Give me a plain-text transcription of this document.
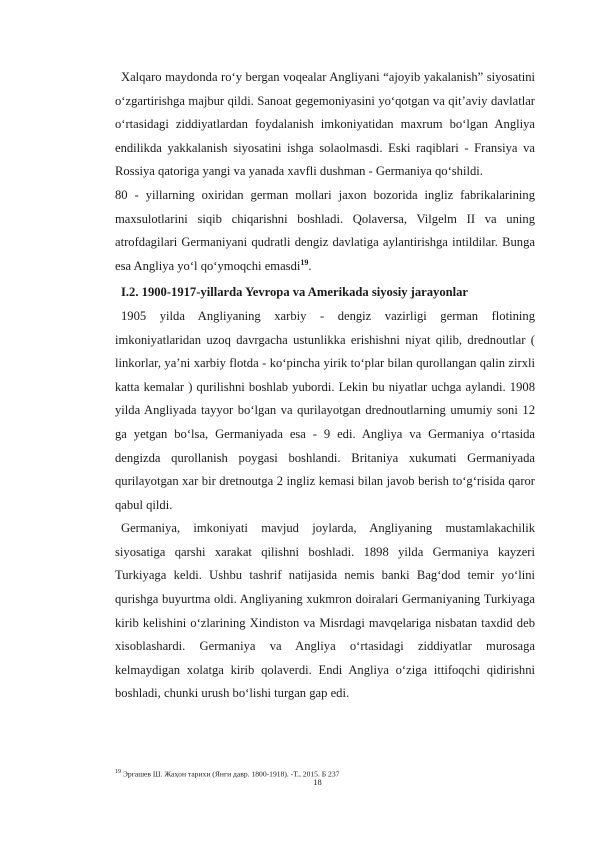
Xalqaro maydonda ro‘y bergan voqealar Angliyani “ajoyib yakalanish” siyosatini o‘zgartirishga majbur qildi. Sanoat gegemoniyasini yo‘qotgan va qit’aviy davlatlar o‘rtasidagi ziddiyatlardan foydalanish imkoniyatidan maxrum bo‘lgan Angliya endilikda yakkalanish siyosatini ishga solaolmasdi. Eski raqiblari - Fransiya va Rossiya qatoriga yangi va yanada xavfli dushman - Germaniya qo‘shildi.

80 - yillarning oxiridan german mollari jaxon bozorida ingliz fabrikalarining maxsulotlarini siqib chiqarishni boshladi. Qolaversa, Vilgelm II va uning atrofdagilari Germaniyani qudratli dengiz davlatiga aylantirishga intildilar. Bunga esa Angliya yo‘l qo‘ymoqchi emasdi$^{19}$.

I.2. 1900-1917-yillarda Yevropa va Amerikada siyosiy jarayonlar

1905 yilda Angliyaning xarbiy - dengiz vazirligi german flotining imkoniyatlaridan uzoq davrgacha ustunlikka erishishni niyat qilib, drednoutlar ( linkorlar, ya’ni xarbiy flotda - ko‘pincha yirik to‘plar bilan qurollangan qalin zirxli katta kemalar ) qurilishni boshlab yubordi. Lekin bu niyatlar uchga aylandi. 1908 yilda Angliyada tayyor bo‘lgan va qurilayotgan drednoutlarning umumiy soni 12 ga yetgan bo‘lsa, Germaniyada esa - 9 edi. Angliya va Germaniya o‘rtasida dengizda qurollanish poygasi boshlandi. Britaniya xukumati Germaniyada qurilayotgan xar bir dretnoutga 2 ingliz kemasi bilan javob berish to‘g‘risida qaror qabul qildi.

Germaniya, imkoniyati mavjud joylarda, Angliyaning mustamlakachilik siyosatiga qarshi xarakat qilishni boshladi. 1898 yilda Germaniya kayzeri Turkiyaga keldi. Ushbu tashrif natijasida nemis banki Bag‘dod temir yo‘lini qurishga buyurtma oldi. Angliyaning xukmron doiralari Germaniyaning Turkiyaga kirib kelishini o‘zlarining Xindiston va Misrdagi mavqelariga nisbatan taxdid deb xisoblashardi. Germaniya va Angliya o‘rtasidagi ziddiyatlar murosaga kelmaydigan xolatga kirib qolaverdi. Endi Angliya o‘ziga ittifoqchi qidirishni boshladi, chunki urush bo‘lishi turgan gap edi.

$^{19}$ Эргашев Ш. Жаҳон тарихи (Янги давр. 1800-1918). -Т., 2015. Б 237
18
